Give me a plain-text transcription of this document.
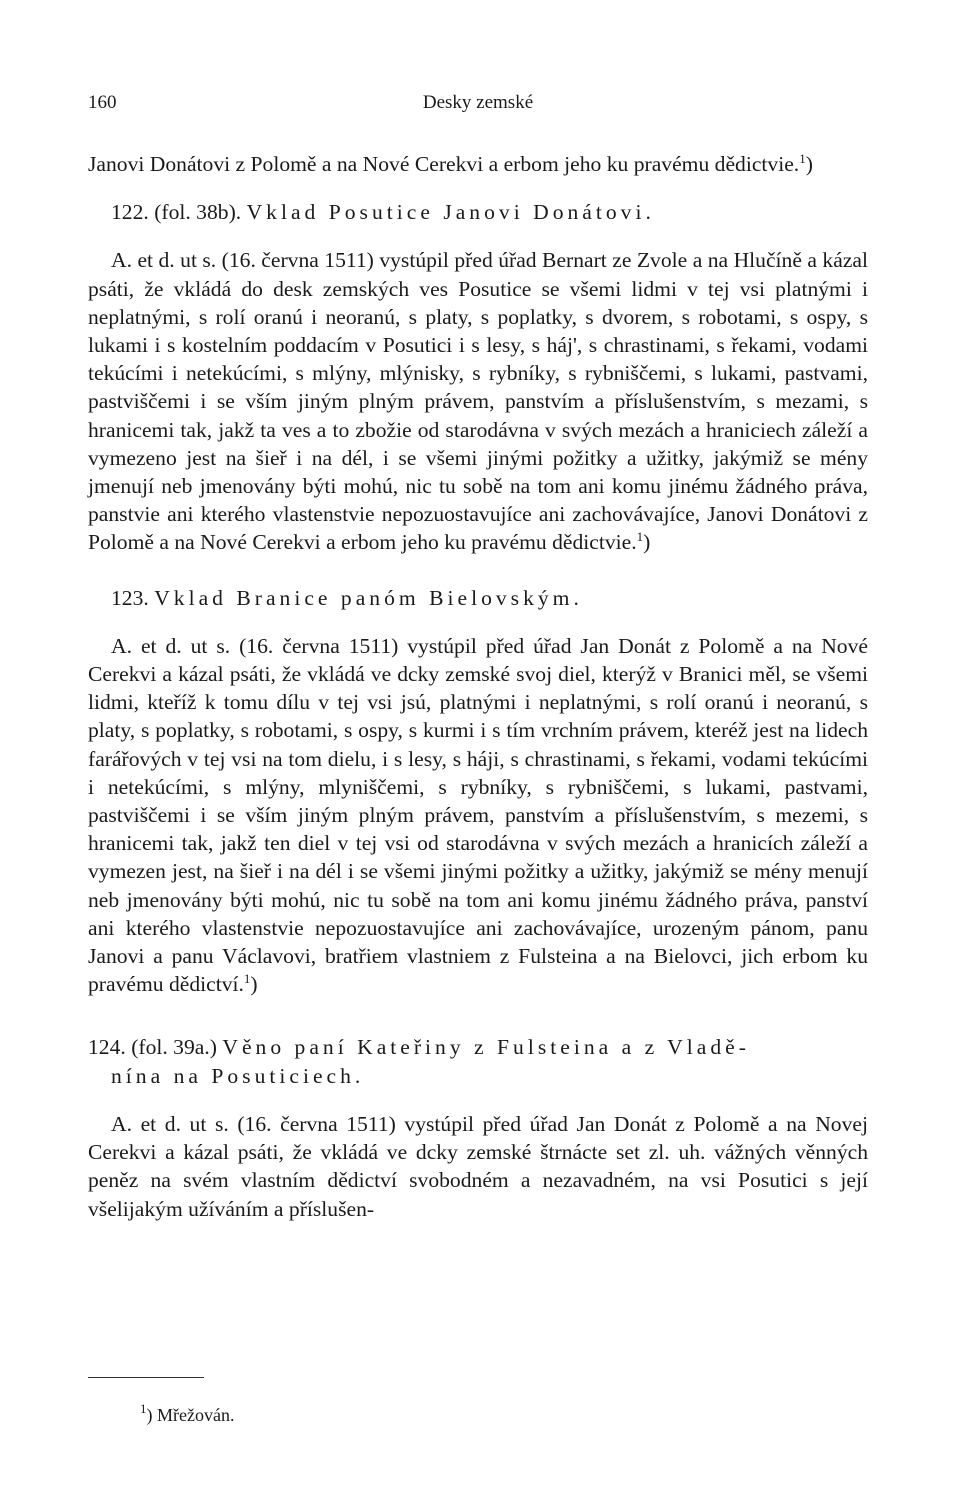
160	Desky zemské

Janovi Donátovi z Polomě a na Nové Cerekvi a erbom jeho ku pravému dědictvie.$^1$)

122. (fol. 38b). Vklad Posutice Janovi Donátovi.

A. et d. ut s. (16. června 1511) vystúpil před úřad Bernart ze Zvole a na Hlučíně a kázal psáti, že vkládá do desk zemských ves Posutice se všemi lidmi v tej vsi platnými i neplatnými, s rolí oranú i neoranú, s platy, s poplatky, s dvorem, s robotami, s ospy, s lukami i s kostelním poddacím v Posutici i s lesy, s háj', s chrastinami, s řekami, vodami tekúcími i netekúcími, s mlýny, mlýnisky, s rybníky, s rybniščemi, s lukami, pastvami, pastviščemi i se vším jiným plným právem, panstvím a příslušenstvím, s mezami, s hranicemi tak, jakž ta ves a to zbožie od starodávna v svých mezách a hraniciech záleží a vymezeno jest na šieř i na dél, i se všemi jinými požitky a užitky, jakýmiž se mény jmenují neb jmenovány býti mohú, nic tu sobě na tom ani komu jinému žádného práva, panstvie ani kterého vlastenstvie nepozuostavujíce ani zachovávajíce, Janovi Donátovi z Polomě a na Nové Cerekvi a erbom jeho ku pravému dědictvie.$^1$)

123. Vklad Branice panóm Bielovským.

A. et d. ut s. (16. června 1511) vystúpil před úřad Jan Donát z Polomě a na Nové Cerekvi a kázal psáti, že vkládá ve dcky zemské svoj diel, kterýž v Branici měl, se všemi lidmi, kteříž k tomu dílu v tej vsi jsú, platnými i neplatnými, s rolí oranú i neoranú, s platy, s poplatky, s robotami, s ospy, s kurmi i s tím vrchním právem, kteréž jest na lidech farářových v tej vsi na tom dielu, i s lesy, s háji, s chrastinami, s řekami, vodami tekúcími i netekúcími, s mlýny, mlyniščemi, s rybníky, s rybniščemi, s lukami, pastvami, pastviščemi i se vším jiným plným právem, panstvím a příslušenstvím, s mezemi, s hranicemi tak, jakž ten diel v tej vsi od starodávna v svých mezách a hranicích záleží a vymezen jest, na šieř i na dél i se všemi jinými požitky a užitky, jakýmiž se mény menují neb jmenovány býti mohú, nic tu sobě na tom ani komu jinému žádného práva, panství ani kterého vlastenstvie nepozuostavujíce ani zachovávajíce, urozeným pánom, panu Janovi a panu Václavovi, bratřiem vlastniem z Fulsteina a na Bielovci, jich erbom ku pravému dědictví.$^1$)

124. (fol. 39a.) Věno paní Kateřiny z Fulsteina a z Vladě-

nína na Posuticiech.

A. et d. ut s. (16. června 1511) vystúpil před úřad Jan Donát z Polomě a na Novej Cerekvi a kázal psáti, že vkládá ve dcky zemské štrnácte set zl. uh. vážných věnných peněz na svém vlastním dědictví svobodném a nezavadném, na vsi Posutici s její všelijakým užíváním a příslušen-

$^1$) Mřežován.
